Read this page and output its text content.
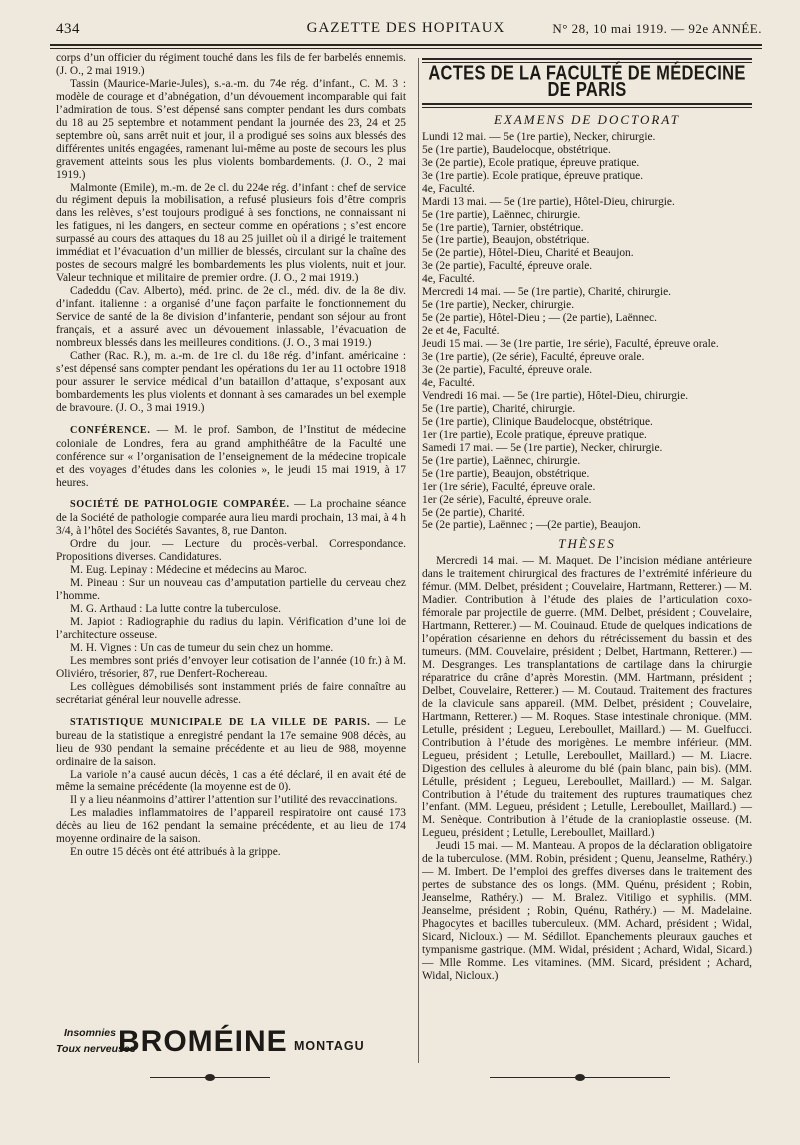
434	GAZETTE DES HOPITAUX	N° 28, 10 mai 1919. — 92e ANNÉE.

corps d’un officier du régiment touché dans les fils de fer barbelés ennemis. (J. O., 2 mai 1919.)

Tassin (Maurice-Marie-Jules), s.-a.-m. du 74e rég. d’infant., C. M. 3 : modèle de courage et d’abnégation, d’un dévouement incomparable qui fait l’admiration de tous. S’est dépensé sans compter pendant les durs combats du 18 au 25 septembre et notamment pendant la journée des 23, 24 et 25 septembre où, sans arrêt nuit et jour, il a prodigué ses soins aux blessés des différentes unités engagées, ramenant lui-même au poste de secours les plus gravement atteints sous les plus violents bombardements. (J. O., 2 mai 1919.)

Malmonte (Emile), m.-m. de 2e cl. du 224e rég. d’infant : chef de service du régiment depuis la mobilisation, a refusé plusieurs fois d’être compris dans les relèves, s’est toujours prodigué à ses fonctions, ne connaissant ni les fatigues, ni les dangers, en secteur comme en opérations ; s’est encore surpassé au cours des attaques du 18 au 25 juillet où il a dirigé le traitement immédiat et l’évacuation d’un millier de blessés, circulant sur la chaîne des postes de secours malgré les bombardements les plus violents, nuit et jour. Valeur technique et militaire de premier ordre. (J. O., 2 mai 1919.)

Cadeddu (Cav. Alberto), méd. princ. de 2e cl., méd. div. de la 8e div. d’infant. italienne : a organisé d’une façon parfaite le fonctionnement du Service de santé de la 8e division d’infanterie, pendant son séjour au front français, et a assuré avec un dévouement inlassable, l’évacuation de nombreux blessés dans les meilleures conditions. (J. O., 3 mai 1919.)

Cather (Rac. R.), m. a.-m. de 1re cl. du 18e rég. d’infant. américaine : s’est dépensé sans compter pendant les opérations du 1er au 11 octobre 1918 pour assurer le service médical d’un bataillon d’attaque, s’exposant aux bombardements les plus violents et donnant à ses camarades un bel exemple de bravoure. (J. O., 3 mai 1919.)

CONFÉRENCE. — M. le prof. Sambon, de l’Institut de médecine coloniale de Londres, fera au grand amphithéâtre de la Faculté une conférence sur « l’organisation de l’enseignement de la médecine tropicale et des voyages d’études dans les colonies », le jeudi 15 mai 1919, à 17 heures.

SOCIÉTÉ DE PATHOLOGIE COMPARÉE. — La prochaine séance de la Société de pathologie comparée aura lieu mardi prochain, 13 mai, à 4 h 3/4, à l’hôtel des Sociétés Savantes, 8, rue Danton.

Ordre du jour. — Lecture du procès-verbal. Correspondance. Propositions diverses. Candidatures.

M. Eug. Lepinay : Médecine et médecins au Maroc.

M. Pineau : Sur un nouveau cas d’amputation partielle du cerveau chez l’homme.

M. G. Arthaud : La lutte contre la tuberculose.

M. Japiot : Radiographie du radius du lapin. Vérification d’une loi de l’architecture osseuse.

M. H. Vignes : Un cas de tumeur du sein chez un homme.

Les membres sont priés d’envoyer leur cotisation de l’année (10 fr.) à M. Oliviéro, trésorier, 87, rue Denfert-Rochereau.

Les collègues démobilisés sont instamment priés de faire connaître au secrétariat général leur nouvelle adresse.

STATISTIQUE MUNICIPALE DE LA VILLE DE PARIS. — Le bureau de la statistique a enregistré pendant la 17e semaine 908 décès, au lieu de 930 pendant la semaine précédente et au lieu de 988, moyenne ordinaire de la saison.

La variole n’a causé aucun décès, 1 cas a été déclaré, il en avait été de même la semaine précédente (la moyenne est de 0).

Il y a lieu néanmoins d’attirer l’attention sur l’utilité des revaccinations.

Les maladies inflammatoires de l’appareil respiratoire ont causé 173 décès au lieu de 162 pendant la semaine précédente, et au lieu de 174 moyenne ordinaire de la saison.

En outre 15 décès ont été attribués à la grippe.

Insomnies
Toux nerveuses
BROMÉINE MONTAGU
ACTES DE LA FACULTÉ DE MÉDECINE DE PARIS
EXAMENS DE DOCTORAT

Lundi 12 mai. — 5e (1re partie), Necker, chirurgie.

5e (1re partie), Baudelocque, obstétrique.

3e (2e partie), Ecole pratique, épreuve pratique.

3e (1re partie). Ecole pratique, épreuve pratique.

4e, Faculté.

Mardi 13 mai. — 5e (1re partie), Hôtel-Dieu, chirurgie.

5e (1re partie), Laënnec, chirurgie.

5e (1re partie), Tarnier, obstétrique.

5e (1re partie), Beaujon, obstétrique.

5e (2e partie), Hôtel-Dieu, Charité et Beaujon.

3e (2e partie), Faculté, épreuve orale.

4e, Faculté.

Mercredi 14 mai. — 5e (1re partie), Charité, chirurgie.

5e (1re partie), Necker, chirurgie.

5e (2e partie), Hôtel-Dieu ; — (2e partie), Laënnec.

2e et 4e, Faculté.

Jeudi 15 mai. — 3e (1re partie, 1re série), Faculté, épreuve orale.

3e (1re partie), (2e série), Faculté, épreuve orale.

3e (2e partie), Faculté, épreuve orale.

4e, Faculté.

Vendredi 16 mai. — 5e (1re partie), Hôtel-Dieu, chirurgie.

5e (1re partie), Charité, chirurgie.

5e (1re partie), Clinique Baudelocque, obstétrique.

1er (1re partie), Ecole pratique, épreuve pratique.

Samedi 17 mai. — 5e (1re partie), Necker, chirurgie.

5e (1re partie), Laënnec, chirurgie.

5e (1re partie), Beaujon, obstétrique.

1er (1re série), Faculté, épreuve orale.

1er (2e série), Faculté, épreuve orale.

5e (2e partie), Charité.

5e (2e partie), Laënnec ; —(2e partie), Beaujon.

THÈSES

Mercredi 14 mai. — M. Maquet. De l’incision médiane antérieure dans le traitement chirurgical des fractures de l’extrémité inférieure du fémur. (MM. Delbet, président ; Couvelaire, Hartmann, Retterer.) — M. Madier. Contribution à l’étude des plaies de l’articulation coxo-fémorale par projectile de guerre. (MM. Delbet, président ; Couvelaire, Hartmann, Retterer.) — M. Couinaud. Etude de quelques indications de l’opération césarienne en dehors du rétrécissement du bassin et des tumeurs. (MM. Couvelaire, président ; Delbet, Hartmann, Retterer.) — M. Desgranges. Les transplantations de cartilage dans la chirurgie réparatrice du crâne d’après Morestin. (MM. Hartmann, président ; Delbet, Couvelaire, Retterer.) — M. Coutaud. Traitement des fractures de la clavicule sans appareil. (MM. Delbet, président ; Couvelaire, Hartmann, Retterer.) — M. Roques. Stase intestinale chronique. (MM. Letulle, président ; Legueu, Lereboullet, Maillard.) — M. Guelfucci. Contribution à l’étude des morigènes. Le membre inférieur. (MM. Legueu, président ; Letulle, Lereboullet, Maillard.) — M. Liacre. Digestion des cellules à aleurome du blé (pain blanc, pain bis). (MM. Létulle, président ; Legueu, Lereboullet, Maillard.) — M. Salgar. Contribution à l’étude du traitement des ruptures traumatiques chez l’enfant. (MM. Legueu, président ; Letulle, Lereboullet, Maillard.) — M. Senèque. Contribution à l’étude de la cranioplastie osseuse. (M. Legueu, président ; Letulle, Lereboullet, Maillard.)

Jeudi 15 mai. — M. Manteau. A propos de la déclaration obligatoire de la tuberculose. (MM. Robin, président ; Quenu, Jeanselme, Rathéry.) — M. Imbert. De l’emploi des greffes diverses dans le traitement des pertes de substance des os longs. (MM. Quénu, président ; Robin, Jeanselme, Rathéry.) — M. Bralez. Vitiligo et syphilis. (MM. Jeanselme, président ; Robin, Quénu, Rathéry.) — M. Madelaine. Phagocytes et bacilles tuberculeux. (MM. Achard, président ; Widal, Sicard, Nicloux.) — M. Sédillot. Epanchements pleuraux gauches et tympanisme gastrique. (MM. Widal, président ; Achard, Widal, Sicard.) — Mlle Romme. Les vitamines. (MM. Sicard, président ; Achard, Widal, Nicloux.)
